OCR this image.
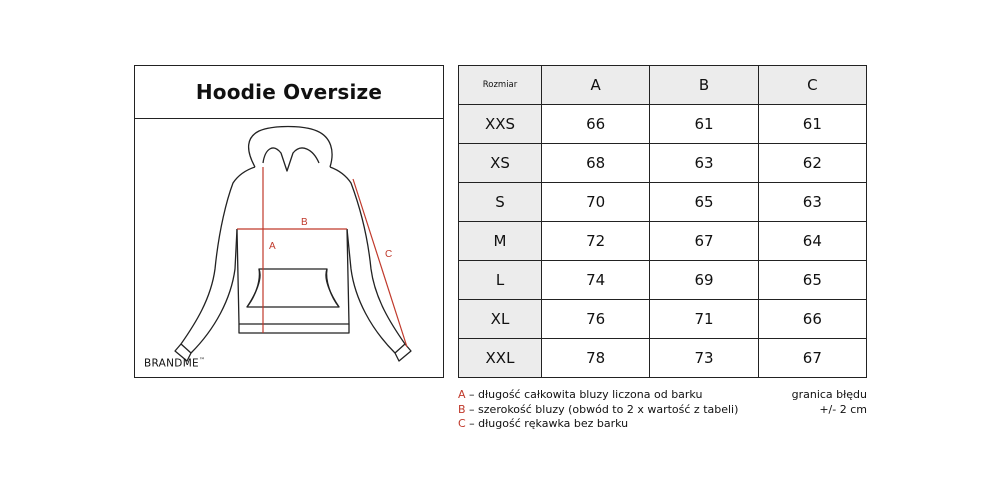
Hoodie Oversize
A
B
C
BRANDME™
Rozmiar	A	B	C
XXS	66	61	61
XS	68	63	62
S	70	65	63
M	72	67	64
L	74	69	65
XL	76	71	66
XXL	78	73	67
A – długość całkowita bluzy liczona od barku
B – szerokość bluzy (obwód to 2 x wartość z tabeli)
C – długość rękawka bez barku
granica błędu
+/- 2 cm
